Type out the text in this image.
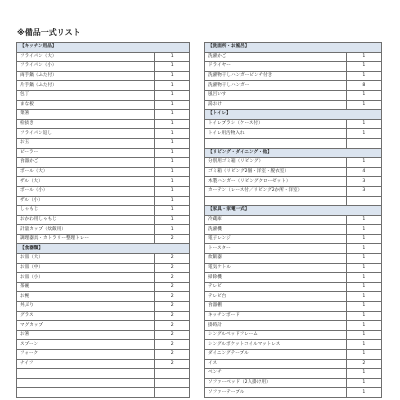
※備品一式リスト
【キッチン用品】	
フライパン（大）	1
フライパン（小）	1
両手鍋（ふた付）	1
片手鍋（ふた付）	1
包丁	1
まな板	1
菜箸	1
栓抜き	1
フライパン返し	1
お玉	1
ピーラー	1
食器かご	1
ボール（大）	1
ザル（大）	1
ボール（小）	1
ザル（小）	1
しゃもじ	1
おかわ用しゃもじ	1
計量カップ（炊飯用）	1
調理器具・カトラリー整理トレー	2
【食器類】	
お皿（大）	2
お皿（中）	2
お皿（小）	2
茶碗	2
お椀	2
丼ぶり	2
グラス	2
マグカップ	2
お箸	2
スプーン	2
フォーク	2
ナイフ	2

【洗面所・お風呂】	
洗濯かご	1
ドライヤー	1
洗濯物干しハンガーピンチ付き	1
洗濯物干しハンガー	8
風呂いす	1
湯おけ	1
【トイレ】	
トイレブラシ（ケース付）	1
トイレ用汚物入れ	1

【リビング・ダイニング・他】	
分別用ゴミ箱（リビング）	1
ゴミ箱（リビング2個・洋室・脱衣室）	4
木製ハンガー（リビングクローゼット）	3
カーテン（レース付／リビング2か所・洋室）	3

【家具・家電一式】	
冷蔵庫	1
洗濯機	1
電子レンジ	1
トースター	1
炊飯器	1
電気ケトル	1
掃除機	1
テレビ	1
テレビ台	1
食器棚	1
キッチンボード	1
掛時計	1
シングルベッドフレーム	1
シングルポケットコイルマットレス	1
ダイニングテーブル	1
イス	2
ベンチ	1
ソファーベッド（2人掛け用）	1
ソファーテーブル	1
